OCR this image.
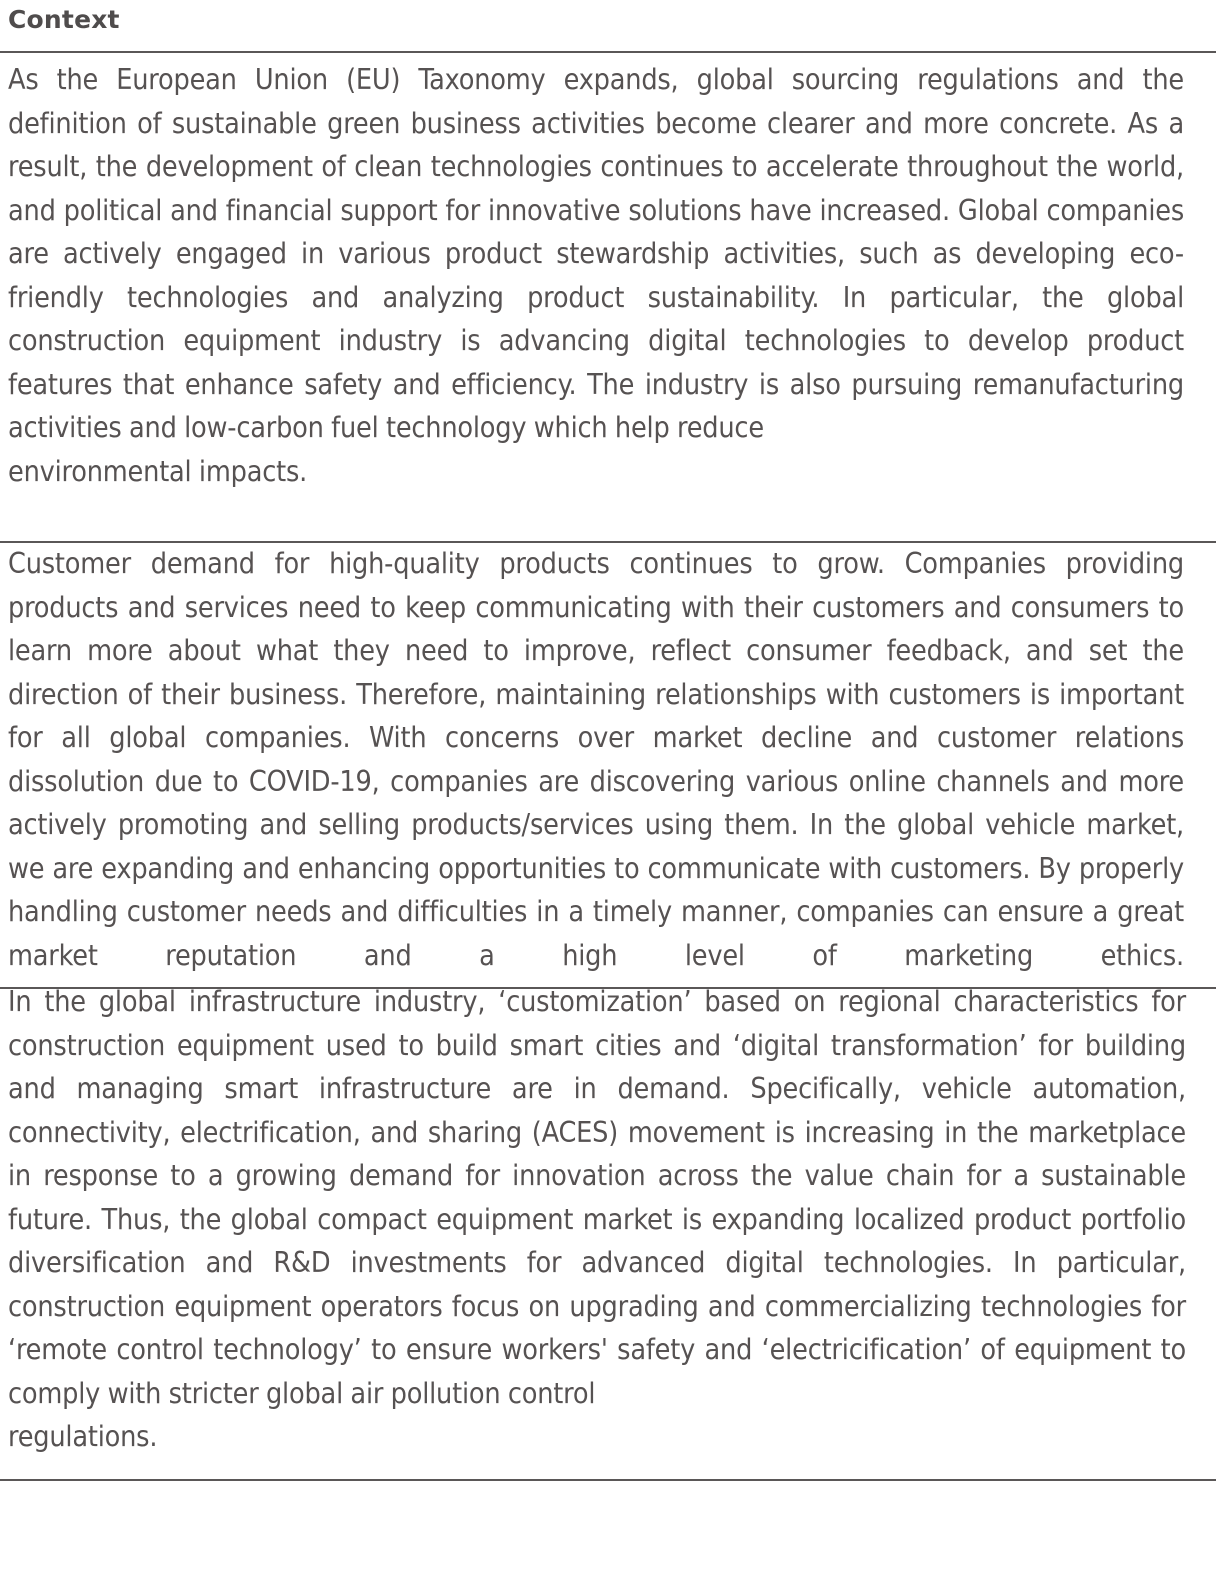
Context
As the European Union (EU) Taxonomy expands, global sourcing regulations and the definition of sustainable green business activities become clearer and more concrete. As a result, the development of clean technologies continues to accelerate throughout the world, and political and financial support for innovative solutions have increased. Global companies are actively engaged in various product stewardship activities, such as developing eco-friendly technologies and analyzing product sustainability. In particular, the global construction equipment industry is advancing digital technologies to develop product features that enhance safety and efficiency. The industry is also pursuing remanufacturing activities and low-carbon fuel technology which help reduce
environmental impacts.
Customer demand for high-quality products continues to grow. Companies providing products and services need to keep communicating with their customers and consumers to learn more about what they need to improve, reflect consumer feedback, and set the direction of their business. Therefore, maintaining relationships with customers is important for all global companies. With concerns over market decline and customer relations dissolution due to COVID-19, companies are discovering various online channels and more actively promoting and selling products/services using them. In the global vehicle market, we are expanding and enhancing opportunities to communicate with customers. By properly handling customer needs and difficulties in a timely manner, companies can ensure a great market reputation and a high level of marketing ethics.
In the global infrastructure industry, ‘customization’ based on regional characteristics for construction equipment used to build smart cities and ‘digital transformation’ for building and managing smart infrastructure are in demand. Specifically, vehicle automation, connectivity, electrification, and sharing (ACES) movement is increasing in the marketplace in response to a growing demand for innovation across the value chain for a sustainable future. Thus, the global compact equipment market is expanding localized product portfolio diversification and R&D investments for advanced digital technologies. In particular, construction equipment operators focus on upgrading and commercializing technologies for ‘remote control technology’ to ensure workers' safety and ‘electricification’ of equipment to comply with stricter global air pollution control
regulations.
